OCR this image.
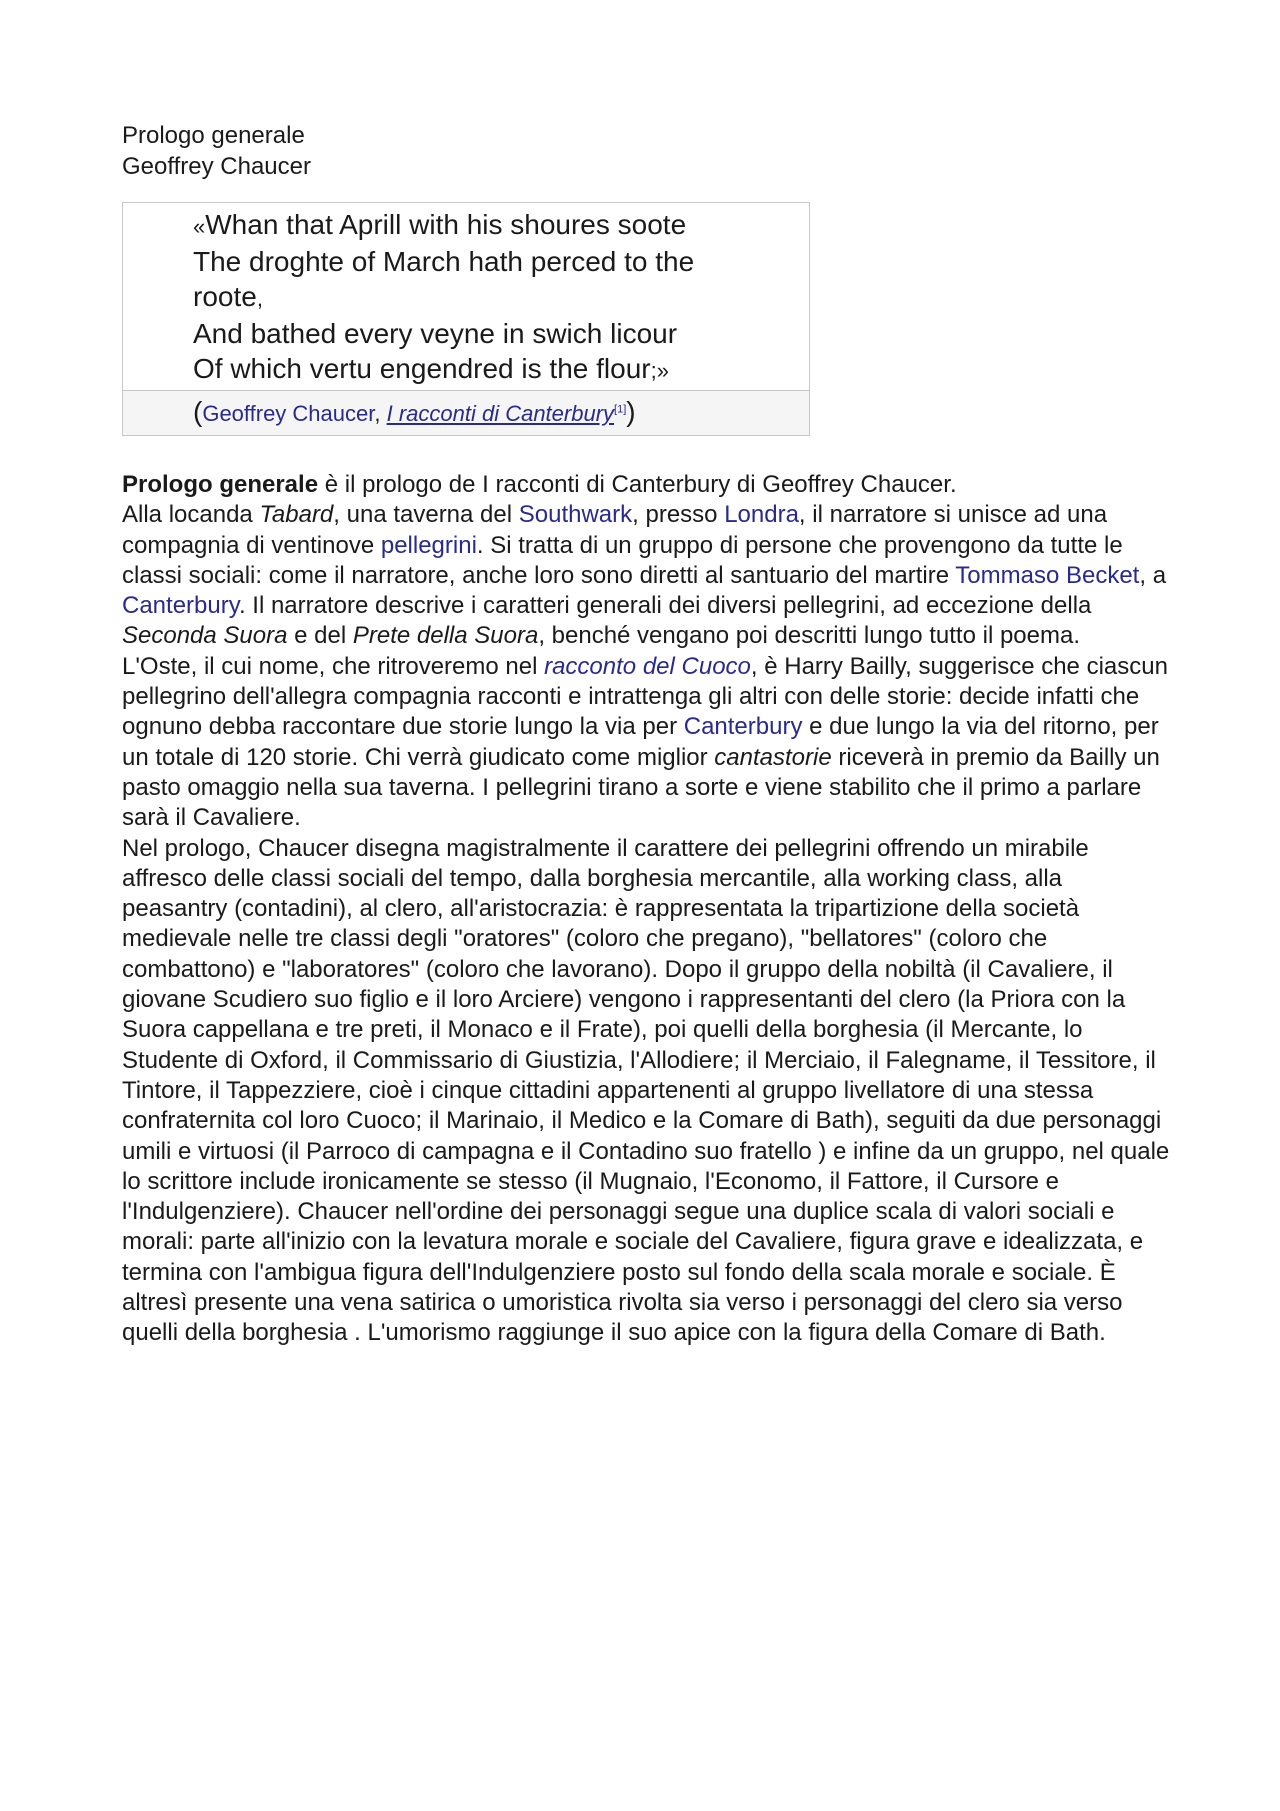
Prologo generale
Geoffrey Chaucer
«Whan that Aprill with his shoures soote
The droghte of March hath perced to the
roote,
And bathed every veyne in swich licour
Of which vertu engendred is the flour;»
(Geoffrey Chaucer, I racconti di Canterbury[1])

Prologo generale è il prologo de I racconti di Canterbury di Geoffrey Chaucer.

Alla locanda Tabard, una taverna del Southwark, presso Londra, il narratore si unisce ad una compagnia di ventinove pellegrini. Si tratta di un gruppo di persone che provengono da tutte le classi sociali: come il narratore, anche loro sono diretti al santuario del martire Tommaso Becket, a Canterbury. Il narratore descrive i caratteri generali dei diversi pellegrini, ad eccezione della Seconda Suora e del Prete della Suora, benché vengano poi descritti lungo tutto il poema.

L'Oste, il cui nome, che ritroveremo nel racconto del Cuoco, è Harry Bailly, suggerisce che ciascun pellegrino dell'allegra compagnia racconti e intrattenga gli altri con delle storie: decide infatti che ognuno debba raccontare due storie lungo la via per Canterbury e due lungo la via del ritorno, per un totale di 120 storie. Chi verrà giudicato come miglior cantastorie riceverà in premio da Bailly un pasto omaggio nella sua taverna. I pellegrini tirano a sorte e viene stabilito che il primo a parlare sarà il Cavaliere.

Nel prologo, Chaucer disegna magistralmente il carattere dei pellegrini offrendo un mirabile affresco delle classi sociali del tempo, dalla borghesia mercantile, alla working class, alla peasantry (contadini), al clero, all'aristocrazia: è rappresentata la tripartizione della società medievale nelle tre classi degli "oratores" (coloro che pregano), "bellatores" (coloro che combattono) e "laboratores" (coloro che lavorano). Dopo il gruppo della nobiltà (il Cavaliere, il giovane Scudiero suo figlio e il loro Arciere) vengono i rappresentanti del clero (la Priora con la Suora cappellana e tre preti, il Monaco e il Frate), poi quelli della borghesia (il Mercante, lo Studente di Oxford, il Commissario di Giustizia, l'Allodiere; il Merciaio, il Falegname, il Tessitore, il Tintore, il Tappezziere, cioè i cinque cittadini appartenenti al gruppo livellatore di una stessa confraternita col loro Cuoco; il Marinaio, il Medico e la Comare di Bath), seguiti da due personaggi umili e virtuosi (il Parroco di campagna e il Contadino suo fratello ) e infine da un gruppo, nel quale lo scrittore include ironicamente se stesso (il Mugnaio, l'Economo, il Fattore, il Cursore e l'Indulgenziere). Chaucer nell'ordine dei personaggi segue una duplice scala di valori sociali e morali: parte all'inizio con la levatura morale e sociale del Cavaliere, figura grave e idealizzata, e termina con l'ambigua figura dell'Indulgenziere posto sul fondo della scala morale e sociale. È altresì presente una vena satirica o umoristica rivolta sia verso i personaggi del clero sia verso quelli della borghesia . L'umorismo raggiunge il suo apice con la figura della Comare di Bath.
